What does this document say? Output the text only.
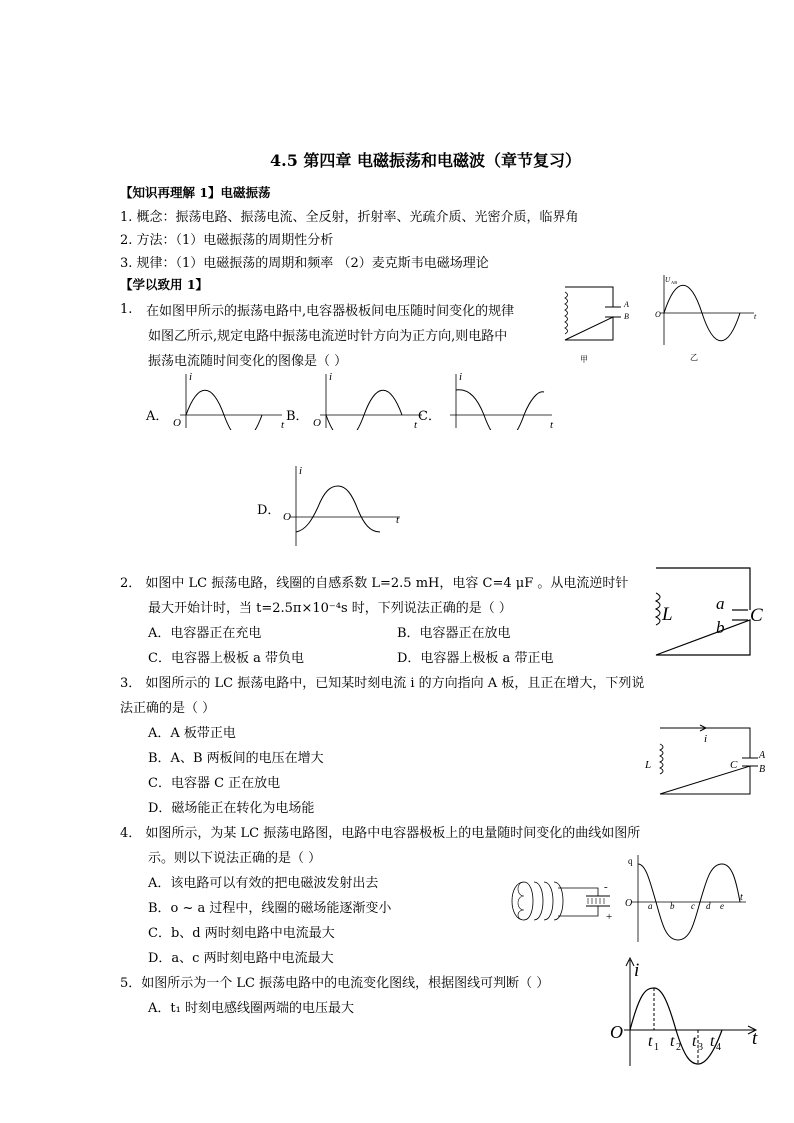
4.5 第四章 电磁振荡和电磁波（章节复习）
【知识再理解 1】电磁振荡
1. 概念：振荡电路、振荡电流、全反射，折射率、光疏介质、光密介质，临界角
2. 方法：（1）电磁振荡的周期性分析
3. 规律：（1）电磁振荡的周期和频率 （2）麦克斯韦电磁场理论
【学以致用 1】
1. 在如图甲所示的振荡电路中,电容器极板间电压随时间变化的规律
如图乙所示,规定电路中振荡电流逆时针方向为正方向,则电路中
振荡电流随时间变化的图像是（ ）
A
B
甲
U AB
O	t
乙
A．
i
O	t
B．
i
O	t
C．
i
t
D．
i
O	t
2． 如图中 LC 振荡电路，线圈的自感系数 L=2.5 mH，电容 C=4 μF 。从电流逆时针
最大开始计时，当 t=2.5π×10⁻⁴s 时，下列说法正确的是（ ）
A．电容器正在充电	B．电容器正在放电
C．电容器上极板 a 带负电	D．电容器上极板 a 带正电
L
a
b
C
3． 如图所示的 LC 振荡电路中，已知某时刻电流 i 的方向指向 A 板，且正在增大，下列说
法正确的是（ ）
A．A 板带正电
B．A、B 两板间的电压在增大
C．电容器 C 正在放电
D．磁场能正在转化为电场能
i
L	C
A
B
4． 如图所示，为某 LC 振荡电路图，电路中电容器极板上的电量随时间变化的曲线如图所
示。则以下说法正确的是（ ）
A．该电路可以有效的把电磁波发射出去
B．o ~ a 过程中，线圈的磁场能逐渐变小
C．b、d 两时刻电路中电流最大
D．a、c 两时刻电路中电流最大
-
+
q
O a b c d e
t
5．如图所示为一个 LC 振荡电路中的电流变化图线，根据图线可判断（ ）
A．t₁ 时刻电感线圈两端的电压最大
i
O	t
t 1 t 2 t 3 t 4
